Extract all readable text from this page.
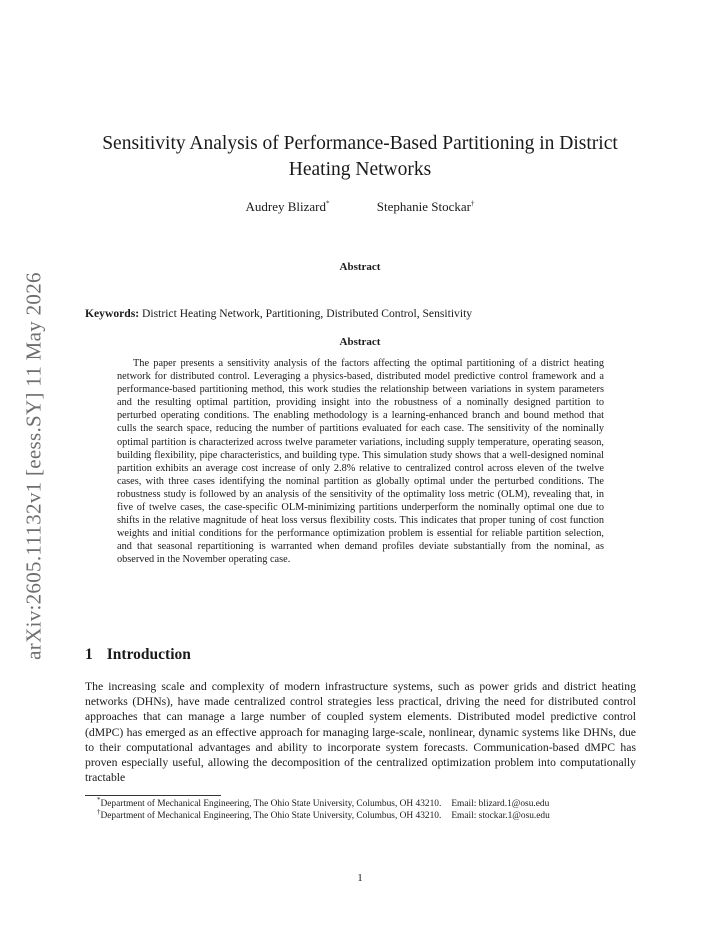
arXiv:2605.11132v1 [eess.SY] 11 May 2026
Sensitivity Analysis of Performance-Based Partitioning in District Heating Networks
Audrey Blizard*	Stephanie Stockar†
Abstract
Keywords: District Heating Network, Partitioning, Distributed Control, Sensitivity
Abstract

The paper presents a sensitivity analysis of the factors affecting the optimal partitioning of a district heating network for distributed control. Leveraging a physics-based, distributed model predictive control framework and a performance-based partitioning method, this work studies the relationship between variations in system parameters and the resulting optimal partition, providing insight into the robustness of a nominally designed partition to perturbed operating conditions. The enabling methodology is a learning-enhanced branch and bound method that culls the search space, reducing the number of partitions evaluated for each case. The sensitivity of the nominally optimal partition is characterized across twelve parameter variations, including supply temperature, operating season, building flexibility, pipe characteristics, and building type. This simulation study shows that a well-designed nominal partition exhibits an average cost increase of only 2.8% relative to centralized control across eleven of the twelve cases, with three cases identifying the nominal partition as globally optimal under the perturbed conditions. The robustness study is followed by an analysis of the sensitivity of the optimality loss metric (OLM), revealing that, in five of twelve cases, the case-specific OLM-minimizing partitions underperform the nominally optimal one due to shifts in the relative magnitude of heat loss versus flexibility costs. This indicates that proper tuning of cost function weights and initial conditions for the performance optimization problem is essential for reliable partition selection, and that seasonal repartitioning is warranted when demand profiles deviate substantially from the nominal, as observed in the November operating case.

1 Introduction

The increasing scale and complexity of modern infrastructure systems, such as power grids and district heating networks (DHNs), have made centralized control strategies less practical, driving the need for distributed control approaches that can manage a large number of coupled system elements. Distributed model predictive control (dMPC) has emerged as an effective approach for managing large-scale, nonlinear, dynamic systems like DHNs, due to their computational advantages and ability to incorporate system forecasts. Communication-based dMPC has proven especially useful, allowing the decomposition of the centralized optimization problem into computationally tractable

*Department of Mechanical Engineering, The Ohio State University, Columbus, OH 43210. Email: blizard.1@osu.edu

†Department of Mechanical Engineering, The Ohio State University, Columbus, OH 43210. Email: stockar.1@osu.edu

1
